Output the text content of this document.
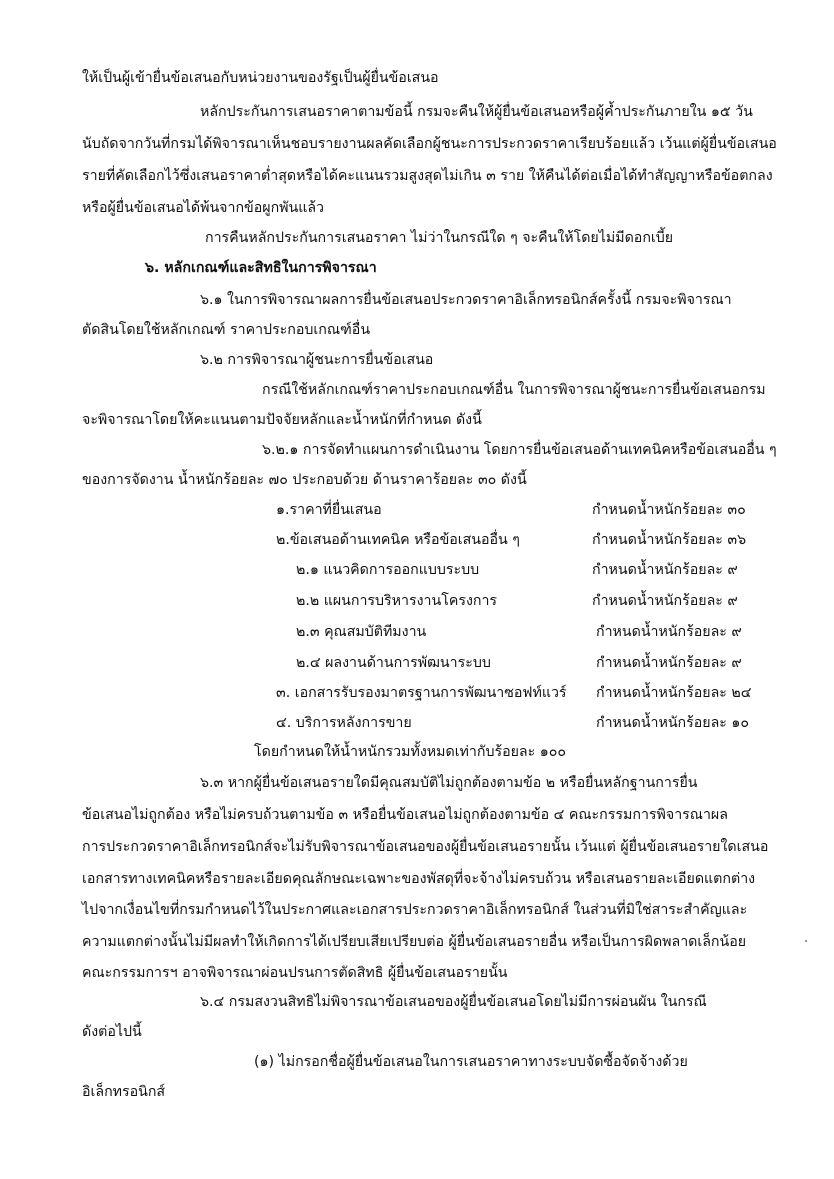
ให้เป็นผู้เข้ายื่นข้อเสนอกับหน่วยงานของรัฐเป็นผู้ยื่นข้อเสนอ
หลักประกันการเสนอราคาตามข้อนี้ กรมจะคืนให้ผู้ยื่นข้อเสนอหรือผู้ค้ำประกันภายใน ๑๕ วัน
นับถัดจากวันที่กรมได้พิจารณาเห็นชอบรายงานผลคัดเลือกผู้ชนะการประกวดราคาเรียบร้อยแล้ว เว้นแต่ผู้ยื่นข้อเสนอ
รายที่คัดเลือกไว้ซึ่งเสนอราคาต่ำสุดหรือได้คะแนนรวมสูงสุดไม่เกิน ๓ ราย ให้คืนได้ต่อเมื่อได้ทำสัญญาหรือข้อตกลง
หรือผู้ยื่นข้อเสนอได้พ้นจากข้อผูกพันแล้ว
การคืนหลักประกันการเสนอราคา ไม่ว่าในกรณีใด ๆ จะคืนให้โดยไม่มีดอกเบี้ย
๖. หลักเกณฑ์และสิทธิในการพิจารณา
๖.๑ ในการพิจารณาผลการยื่นข้อเสนอประกวดราคาอิเล็กทรอนิกส์ครั้งนี้ กรมจะพิจารณา
ตัดสินโดยใช้หลักเกณฑ์ ราคาประกอบเกณฑ์อื่น
๖.๒ การพิจารณาผู้ชนะการยื่นข้อเสนอ
กรณีใช้หลักเกณฑ์ราคาประกอบเกณฑ์อื่น ในการพิจารณาผู้ชนะการยื่นข้อเสนอกรม
จะพิจารณาโดยให้คะแนนตามปัจจัยหลักและน้ำหนักที่กำหนด ดังนี้
๖.๒.๑ การจัดทำแผนการดำเนินงาน โดยการยื่นข้อเสนอด้านเทคนิคหรือข้อเสนออื่น ๆ
ของการจัดงาน น้ำหนักร้อยละ ๗๐ ประกอบด้วย ด้านราคาร้อยละ ๓๐ ดังนี้
๑.ราคาที่ยื่นเสนอ	กำหนดน้ำหนักร้อยละ ๓๐
๒.ข้อเสนอด้านเทคนิค หรือข้อเสนออื่น ๆ	กำหนดน้ำหนักร้อยละ ๓๖
๒.๑ แนวคิดการออกแบบระบบ	กำหนดน้ำหนักร้อยละ ๙
๒.๒ แผนการบริหารงานโครงการ	กำหนดน้ำหนักร้อยละ ๙
๒.๓ คุณสมบัติทีมงาน	กำหนดน้ำหนักร้อยละ ๙
๒.๔ ผลงานด้านการพัฒนาระบบ	กำหนดน้ำหนักร้อยละ ๙
๓. เอกสารรับรองมาตรฐานการพัฒนาซอฟท์แวร์ กำหนดน้ำหนักร้อยละ ๒๔
๔. บริการหลังการขาย	กำหนดน้ำหนักร้อยละ ๑๐
โดยกำหนดให้น้ำหนักรวมทั้งหมดเท่ากับร้อยละ ๑๐๐
๖.๓ หากผู้ยื่นข้อเสนอรายใดมีคุณสมบัติไม่ถูกต้องตามข้อ ๒ หรือยื่นหลักฐานการยื่น
ข้อเสนอไม่ถูกต้อง หรือไม่ครบถ้วนตามข้อ ๓ หรือยื่นข้อเสนอไม่ถูกต้องตามข้อ ๔ คณะกรรมการพิจารณาผล
การประกวดราคาอิเล็กทรอนิกส์จะไม่รับพิจารณาข้อเสนอของผู้ยื่นข้อเสนอรายนั้น เว้นแต่ ผู้ยื่นข้อเสนอรายใดเสนอ
เอกสารทางเทคนิคหรือรายละเอียดคุณลักษณะเฉพาะของพัสดุที่จะจ้างไม่ครบถ้วน หรือเสนอรายละเอียดแตกต่าง
ไปจากเงื่อนไขที่กรมกำหนดไว้ในประกาศและเอกสารประกวดราคาอิเล็กทรอนิกส์ ในส่วนที่มิใช่สาระสำคัญและ
ความแตกต่างนั้นไม่มีผลทำให้เกิดการได้เปรียบเสียเปรียบต่อ ผู้ยื่นข้อเสนอรายอื่น หรือเป็นการผิดพลาดเล็กน้อย
คณะกรรมการฯ อาจพิจารณาผ่อนปรนการตัดสิทธิ ผู้ยื่นข้อเสนอรายนั้น
๖.๔ กรมสงวนสิทธิไม่พิจารณาข้อเสนอของผู้ยื่นข้อเสนอโดยไม่มีการผ่อนผัน ในกรณี
ดังต่อไปนี้
(๑) ไม่กรอกชื่อผู้ยื่นข้อเสนอในการเสนอราคาทางระบบจัดซื้อจัดจ้างด้วย
อิเล็กทรอนิกส์
